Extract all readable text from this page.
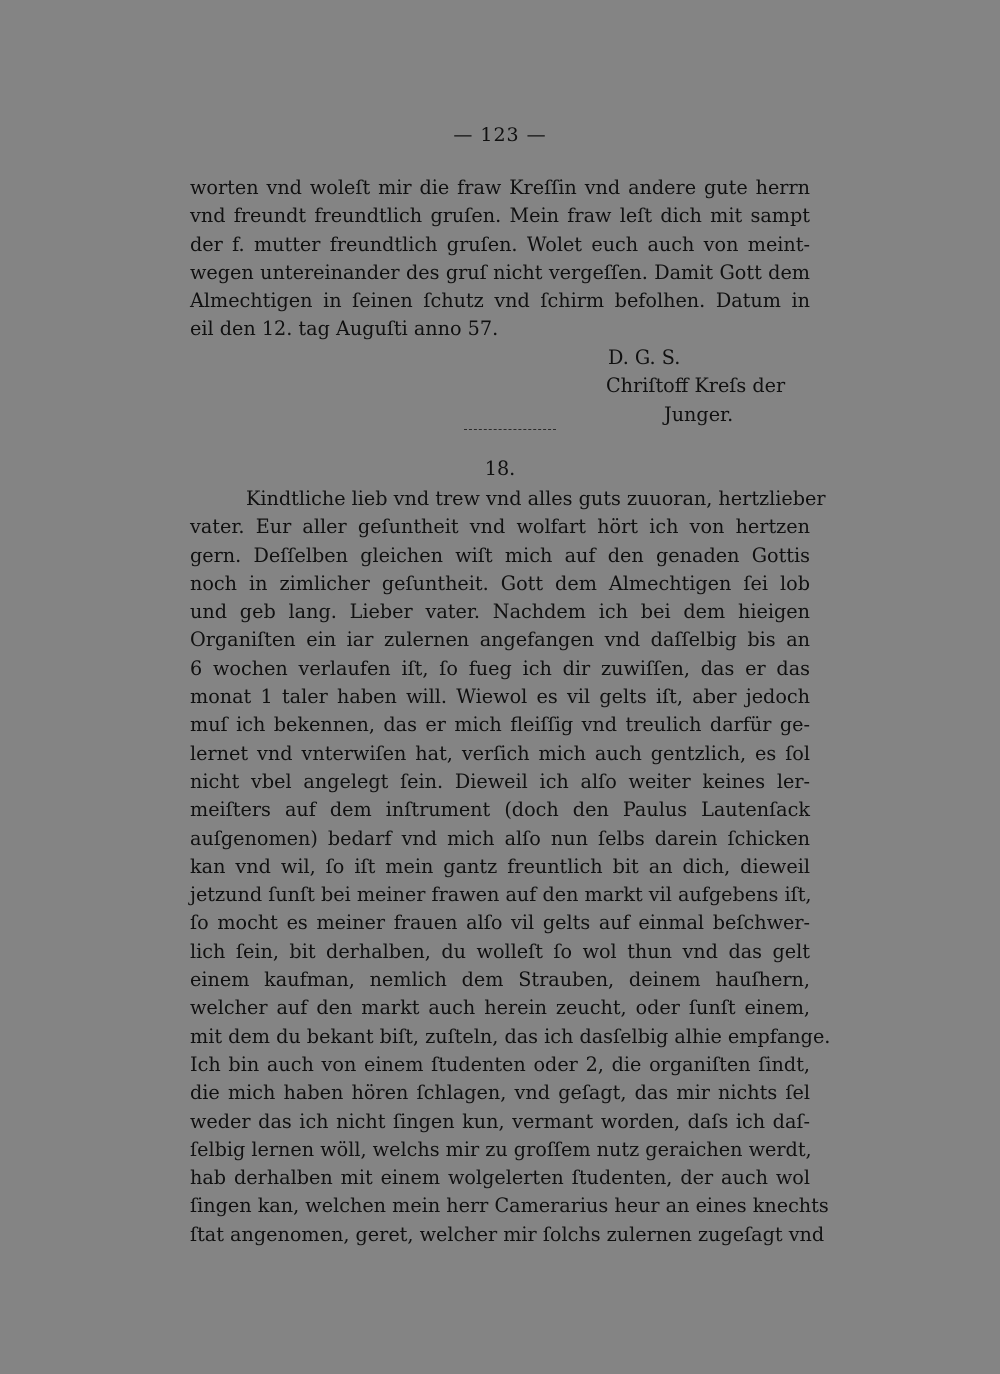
— 123 —
worten vnd woleſt mir die fraw Kreſſin vnd andere gute herrn
vnd freundt freundtlich gruſen. Mein fraw leſt dich mit sampt
der f. mutter freundtlich gruſen. Wolet euch auch von meint-
wegen untereinander des gruſ nicht vergeſſen. Damit Gott dem
Almechtigen in ſeinen ſchutz vnd ſchirm befolhen. Datum in
eil den 12. tag Auguſti anno 57.
D. G. S.
Chriſtoff Kreſs der
Junger.
18.
Kindtliche lieb vnd trew vnd alles guts zuuoran, hertzlieber
vater. Eur aller geſuntheit vnd wolfart hört ich von hertzen
gern. Deſſelben gleichen wiſt mich auf den genaden Gottis
noch in zimlicher geſuntheit. Gott dem Almechtigen ſei lob
und geb lang. Lieber vater. Nachdem ich bei dem hieigen
Organiſten ein iar zulernen angefangen vnd daſſelbig bis an
6 wochen verlaufen iſt, ſo fueg ich dir zuwiſſen, das er das
monat 1 taler haben will. Wiewol es vil gelts iſt, aber jedoch
muſ ich bekennen, das er mich fleiſſig vnd treulich darfür ge-
lernet vnd vnterwiſen hat, verſich mich auch gentzlich, es ſol
nicht vbel angelegt ſein. Dieweil ich alſo weiter keines ler-
meiſters auf dem inſtrument (doch den Paulus Lautenſack
auſgenomen) bedarf vnd mich alſo nun ſelbs darein ſchicken
kan vnd wil, ſo iſt mein gantz freuntlich bit an dich, dieweil
jetzund ſunſt bei meiner frawen auf den markt vil aufgebens iſt,
ſo mocht es meiner frauen alſo vil gelts auf einmal beſchwer-
lich ſein, bit derhalben, du wolleſt ſo wol thun vnd das gelt
einem kaufman, nemlich dem Strauben, deinem hauſhern,
welcher auf den markt auch herein zeucht, oder ſunſt einem,
mit dem du bekant biſt, zuſteln, das ich dasſelbig alhie empfange.
Ich bin auch von einem ſtudenten oder 2, die organiſten ſindt,
die mich haben hören ſchlagen, vnd geſagt, das mir nichts ſel
weder das ich nicht ſingen kun, vermant worden, daſs ich daſ-
ſelbig lernen wöll, welchs mir zu groſſem nutz geraichen werdt,
hab derhalben mit einem wolgelerten ſtudenten, der auch wol
ſingen kan, welchen mein herr Camerarius heur an eines knechts
ſtat angenomen, geret, welcher mir ſolchs zulernen zugeſagt vnd
